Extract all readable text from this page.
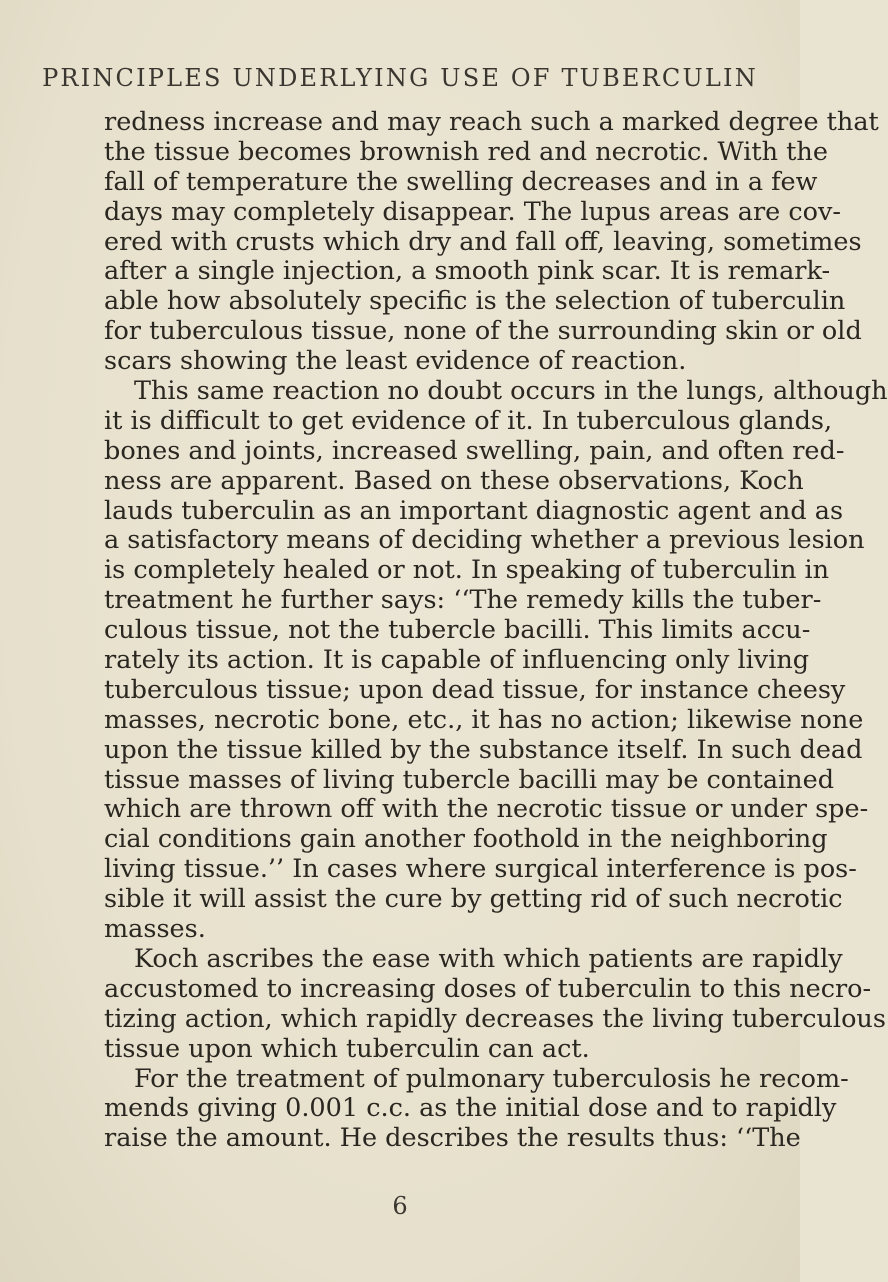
PRINCIPLES UNDERLYING USE OF TUBERCULIN
redness increase and may reach such a marked degree that
the tissue becomes brownish red and necrotic. With the
fall of temperature the swelling decreases and in a few
days may completely disappear. The lupus areas are cov-
ered with crusts which dry and fall off, leaving, sometimes
after a single injection, a smooth pink scar. It is remark-
able how absolutely specific is the selection of tuberculin
for tuberculous tissue, none of the surrounding skin or old
scars showing the least evidence of reaction.
This same reaction no doubt occurs in the lungs, although
it is difficult to get evidence of it. In tuberculous glands,
bones and joints, increased swelling, pain, and often red-
ness are apparent. Based on these observations, Koch
lauds tuberculin as an important diagnostic agent and as
a satisfactory means of deciding whether a previous lesion
is completely healed or not. In speaking of tuberculin in
treatment he further says: ‘‘The remedy kills the tuber-
culous tissue, not the tubercle bacilli. This limits accu-
rately its action. It is capable of influencing only living
tuberculous tissue; upon dead tissue, for instance cheesy
masses, necrotic bone, etc., it has no action; likewise none
upon the tissue killed by the substance itself. In such dead
tissue masses of living tubercle bacilli may be contained
which are thrown off with the necrotic tissue or under spe-
cial conditions gain another foothold in the neighboring
living tissue.’’ In cases where surgical interference is pos-
sible it will assist the cure by getting rid of such necrotic
masses.
Koch ascribes the ease with which patients are rapidly
accustomed to increasing doses of tuberculin to this necro-
tizing action, which rapidly decreases the living tuberculous
tissue upon which tuberculin can act.
For the treatment of pulmonary tuberculosis he recom-
mends giving 0.001 c.c. as the initial dose and to rapidly
raise the amount. He describes the results thus: ‘‘The
6
